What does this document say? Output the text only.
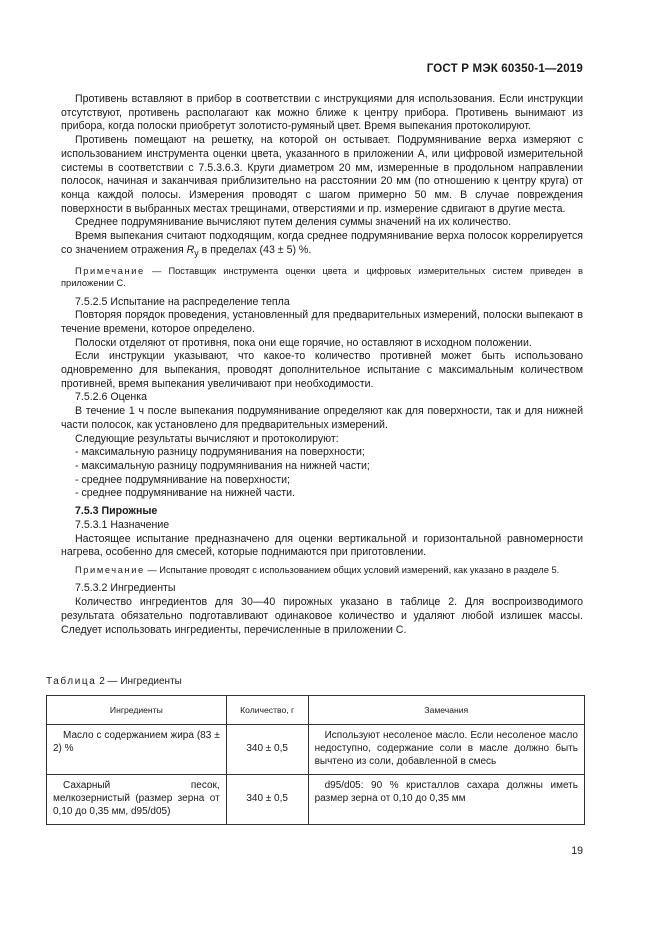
ГОСТ Р МЭК 60350-1—2019

Противень вставляют в прибор в соответствии с инструкциями для использования. Если инструкции отсутствуют, противень располагают как можно ближе к центру прибора. Противень вынимают из прибора, когда полоски приобретут золотисто-румяный цвет. Время выпекания протоколируют.

Противень помещают на решетку, на которой он остывает. Подрумянивание верха измеряют с использованием инструмента оценки цвета, указанного в приложении А, или цифровой измерительной системы в соответствии с 7.5.3.6.3. Круги диаметром 20 мм, измеренные в продольном направлении полосок, начиная и заканчивая приблизительно на расстоянии 20 мм (по отношению к центру круга) от конца каждой полосы. Измерения проводят с шагом примерно 50 мм. В случае повреждения поверхности в выбранных местах трещинами, отверстиями и пр. измерение сдвигают в другие места.

Среднее подрумянивание вычисляют путем деления суммы значений на их количество.

Время выпекания считают подходящим, когда среднее подрумянивание верха полосок коррелируется со значением отражения $R_y$ в пределах (43 ± 5) %.

Примечание — Поставщик инструмента оценки цвета и цифровых измерительных систем приведен в приложении С.

7.5.2.5 Испытание на распределение тепла

Повторяя порядок проведения, установленный для предварительных измерений, полоски выпекают в течение времени, которое определено.

Полоски отделяют от противня, пока они еще горячие, но оставляют в исходном положении.

Если инструкции указывают, что какое-то количество противней может быть использовано одновременно для выпекания, проводят дополнительное испытание с максимальным количеством противней, время выпекания увеличивают при необходимости.

7.5.2.6 Оценка

В течение 1 ч после выпекания подрумянивание определяют как для поверхности, так и для нижней части полосок, как установлено для предварительных измерений.

Следующие результаты вычисляют и протоколируют:

- максимальную разницу подрумянивания на поверхности;

- максимальную разницу подрумянивания на нижней части;

- среднее подрумянивание на поверхности;

- среднее подрумянивание на нижней части.

7.5.3 Пирожные

7.5.3.1 Назначение

Настоящее испытание предназначено для оценки вертикальной и горизонтальной равномерности нагрева, особенно для смесей, которые поднимаются при приготовлении.

Примечание — Испытание проводят с использованием общих условий измерений, как указано в разделе 5.

7.5.3.2 Ингредиенты

Количество ингредиентов для 30—40 пирожных указано в таблице 2. Для воспроизводимого результата обязательно подготавливают одинаковое количество и удаляют любой излишек массы. Следует использовать ингредиенты, перечисленные в приложении С.

Таблица 2 — Ингредиенты
Ингредиенты	Количество, г	Замечания
Масло с содержанием жира (83 ± 2) %	340 ± 0,5	Используют несоленое масло. Если несоленое масло недоступно, содержание соли в масле должно быть вычтено из соли, добавленной в смесь
Сахарный песок, мелкозернистый (размер зерна от 0,10 до 0,35 мм, d95/d05)	340 ± 0,5	d95/d05: 90 % кристаллов сахара должны иметь размер зерна от 0,10 до 0,35 мм
19
